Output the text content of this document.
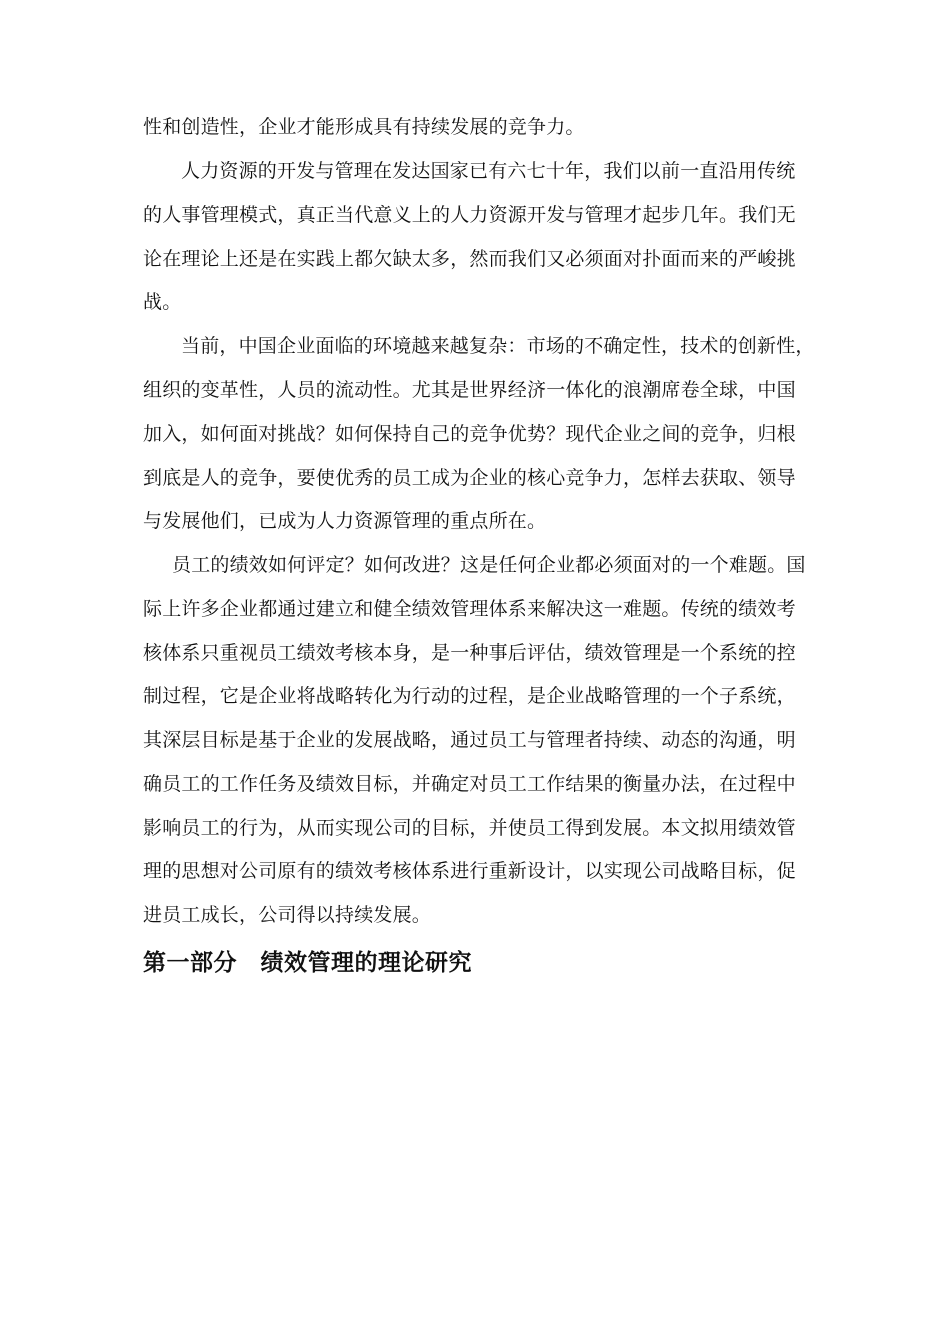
性和创造性，企业才能形成具有持续发展的竞争力。
人力资源的开发与管理在发达国家已有六七十年，我们以前一直沿用传统
的人事管理模式，真正当代意义上的人力资源开发与管理才起步几年。我们无
论在理论上还是在实践上都欠缺太多，然而我们又必须面对扑面而来的严峻挑
战。
当前，中国企业面临的环境越来越复杂：市场的不确定性，技术的创新性，
组织的变革性，人员的流动性。尤其是世界经济一体化的浪潮席卷全球，中国
加入，如何面对挑战？如何保持自己的竞争优势？现代企业之间的竞争，归根
到底是人的竞争，要使优秀的员工成为企业的核心竞争力，怎样去获取、领导
与发展他们，已成为人力资源管理的重点所在。
员工的绩效如何评定？如何改进？这是任何企业都必须面对的一个难题。国
际上许多企业都通过建立和健全绩效管理体系来解决这一难题。传统的绩效考
核体系只重视员工绩效考核本身，是一种事后评估，绩效管理是一个系统的控
制过程，它是企业将战略转化为行动的过程，是企业战略管理的一个子系统，
其深层目标是基于企业的发展战略，通过员工与管理者持续、动态的沟通，明
确员工的工作任务及绩效目标，并确定对员工工作结果的衡量办法，在过程中
影响员工的行为，从而实现公司的目标，并使员工得到发展。本文拟用绩效管
理的思想对公司原有的绩效考核体系进行重新设计，以实现公司战略目标，促
进员工成长，公司得以持续发展。
第一部分　绩效管理的理论研究
